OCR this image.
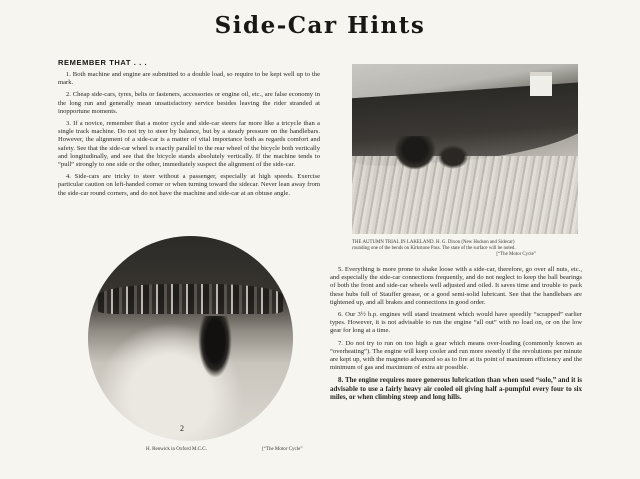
Side-Car Hints
REMEMBER THAT . . .

1. Both machine and engine are submitted to a double load, so require to be kept well up to the mark.

2. Cheap side-cars, tyres, belts or fasteners, accessories or engine oil, etc., are false economy in the long run and generally mean unsatisfactory service besides leaving the rider stranded at inopportune moments.

3. If a novice, remember that a motor cycle and side-car steers far more like a tricycle than a single track machine. Do not try to steer by balance, but by a steady pressure on the handlebars. However, the alignment of a side-car is a matter of vital importance both as regards comfort and safety. See that the side-car wheel is exactly parallel to the rear wheel of the bicycle both vertically and longitudinally, and see that the bicycle stands absolutely vertically. If the machine tends to “pull” strongly to one side or the other, immediately suspect the alignment of the side-car.

4. Side-cars are tricky to steer without a passenger, especially at high speeds. Exercise particular caution on left-handed corner or when turning toward the sidecar. Never lean away from the side-car round corners, and do not have the machine and side-car at an obtuse angle.

THE AUTUMN TRIAL IN LAKELAND. H. G. Dixon (New Hudson and Sidecar)
rounding one of the bends on Kirkstone Pass. The state of the surface will be noted.
[“The Motor Cycle”

5. Everything is more prone to shake loose with a side-car, therefore, go over all nuts, etc., and especially the side-car connections frequently, and do not neglect to keep the ball bearings of both the front and side-car wheels well adjusted and oiled. It saves time and trouble to pack these hubs full of Stauffer grease, or a good semi-solid lubricant. See that the handlebars are tightened up, and all brakes and connections in good order.

6. Our 3½ h.p. engines will stand treatment which would have speedily “scrapped” earlier types. However, it is not advisable to run the engine “all out” with no load on, or on the low gear for long at a time.

7. Do not try to run on too high a gear which means over-loading (commonly known as “overheating”). The engine will keep cooler and run more sweetly if the revolutions per minute are kept up, with the magneto advanced so as to fire at its point of maximum efficiency and the minimum of gas and maximum of extra air possible.

8. The engine requires more generous lubrication than when used “solo,” and it is advisable to use a fairly heavy air cooled oil giving half a-pumpful every four to six miles, or when climbing steep and long hills.

2
H. Renwick in Oxford M.C.C.	[“The Motor Cycle”
